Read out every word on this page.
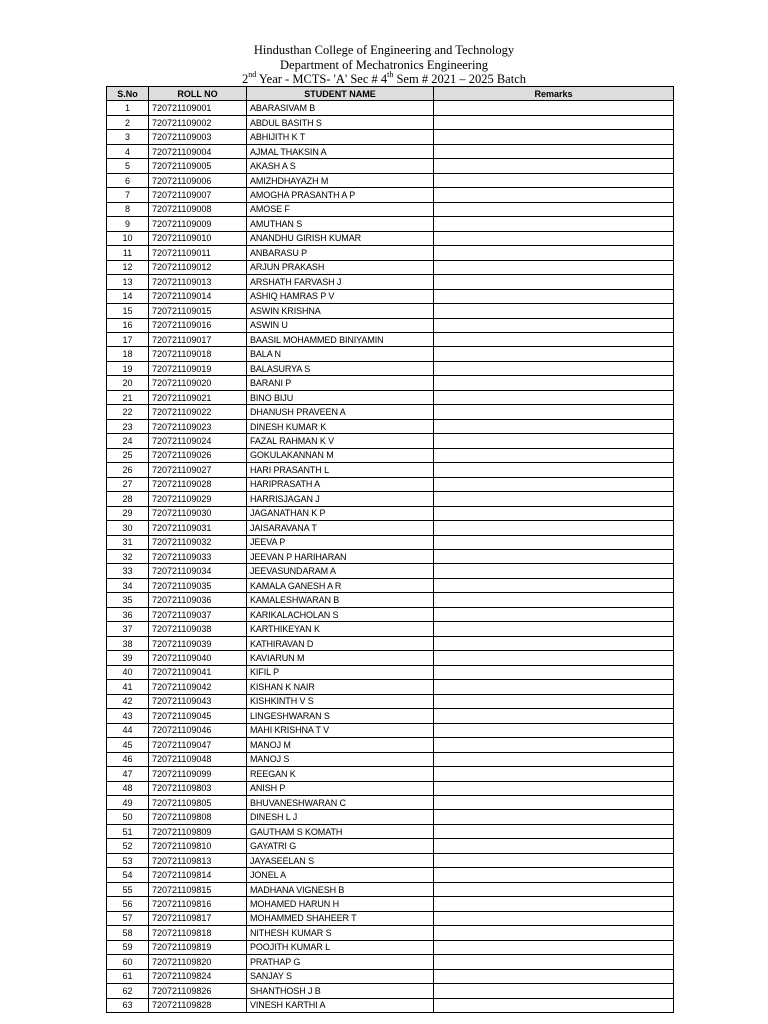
Hindusthan College of Engineering and Technology
Department of Mechatronics Engineering
2nd Year - MCTS- 'A' Sec # 4th Sem # 2021 – 2025 Batch
S.No	ROLL NO	STUDENT NAME	Remarks
1	720721109001	ABARASIVAM B	
2	720721109002	ABDUL BASITH S	
3	720721109003	ABHIJITH K T	
4	720721109004	AJMAL THAKSIN A	
5	720721109005	AKASH A S	
6	720721109006	AMIZHDHAYAZH M	
7	720721109007	AMOGHA PRASANTH A P	
8	720721109008	AMOSE F	
9	720721109009	AMUTHAN S	
10	720721109010	ANANDHU GIRISH KUMAR	
11	720721109011	ANBARASU P	
12	720721109012	ARJUN PRAKASH	
13	720721109013	ARSHATH FARVASH J	
14	720721109014	ASHIQ HAMRAS P V	
15	720721109015	ASWIN KRISHNA	
16	720721109016	ASWIN U	
17	720721109017	BAASIL MOHAMMED BINIYAMIN	
18	720721109018	BALA N	
19	720721109019	BALASURYA S	
20	720721109020	BARANI P	
21	720721109021	BINO BIJU	
22	720721109022	DHANUSH PRAVEEN A	
23	720721109023	DINESH KUMAR K	
24	720721109024	FAZAL RAHMAN K V	
25	720721109026	GOKULAKANNAN M	
26	720721109027	HARI PRASANTH L	
27	720721109028	HARIPRASATH A	
28	720721109029	HARRISJAGAN J	
29	720721109030	JAGANATHAN K P	
30	720721109031	JAISARAVANA T	
31	720721109032	JEEVA P	
32	720721109033	JEEVAN P HARIHARAN	
33	720721109034	JEEVASUNDARAM A	
34	720721109035	KAMALA GANESH A R	
35	720721109036	KAMALESHWARAN B	
36	720721109037	KARIKALACHOLAN S	
37	720721109038	KARTHIKEYAN K	
38	720721109039	KATHIRAVAN D	
39	720721109040	KAVIARUN M	
40	720721109041	KIFIL P	
41	720721109042	KISHAN K NAIR	
42	720721109043	KISHKINTH V S	
43	720721109045	LINGESHWARAN S	
44	720721109046	MAHI KRISHNA T V	
45	720721109047	MANOJ M	
46	720721109048	MANOJ S	
47	720721109099	REEGAN K	
48	720721109803	ANISH P	
49	720721109805	BHUVANESHWARAN C	
50	720721109808	DINESH L J	
51	720721109809	GAUTHAM S KOMATH	
52	720721109810	GAYATRI G	
53	720721109813	JAYASEELAN S	
54	720721109814	JONEL A	
55	720721109815	MADHANA VIGNESH B	
56	720721109816	MOHAMED HARUN H	
57	720721109817	MOHAMMED SHAHEER T	
58	720721109818	NITHESH KUMAR S	
59	720721109819	POOJITH KUMAR L	
60	720721109820	PRATHAP G	
61	720721109824	SANJAY S	
62	720721109826	SHANTHOSH J B	
63	720721109828	VINESH KARTHI A	
